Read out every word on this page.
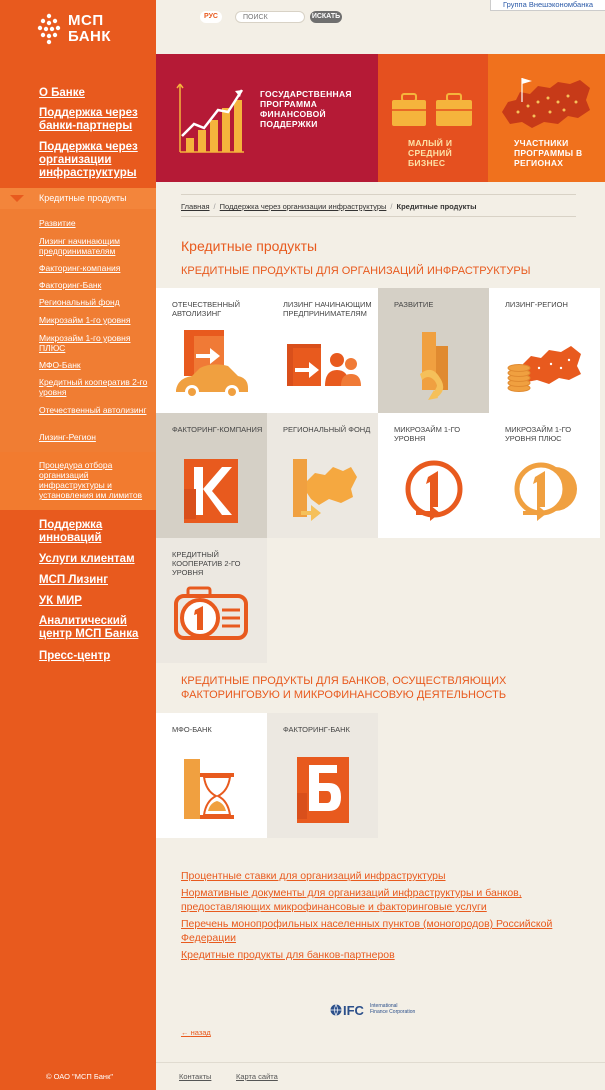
МСП
БАНК
О Банке
Поддержка через банки-партнеры
Поддержка через организации инфраструктуры
Кредитные продукты
Развитие
Лизинг начинающим предпринимателям
Факторинг-компания
Факторинг-Банк
Региональный фонд
Микрозайм 1-го уровня
Микрозайм 1-го уровня ПЛЮС
МФО-Банк
Кредитный кооператив 2-го уровня
Отечественный автолизинг
Лизинг-Регион
Процедура отбора организаций инфраструктуры и установления им лимитов
Поддержка инноваций
Услуги клиентам
МСП Лизинг
УК МИР
Аналитический центр МСП Банка
Пресс-центр
© ОАО "МСП Банк"
РУС
ПОИСК	ИСКАТЬ
Группа Внешэкономбанка
ГОСУДАРСТВЕННАЯ ПРОГРАММА ФИНАНСОВОЙ ПОДДЕРЖКИ
МАЛЫЙ И СРЕДНИЙ БИЗНЕС
УЧАСТНИКИ ПРОГРАММЫ В РЕГИОНАХ
Главная / Поддержка через организации инфраструктуры / Кредитные продукты
Кредитные продукты
КРЕДИТНЫЕ ПРОДУКТЫ ДЛЯ ОРГАНИЗАЦИЙ ИНФРАСТРУКТУРЫ
ОТЕЧЕСТВЕННЫЙ АВТОЛИЗИНГ
ЛИЗИНГ НАЧИНАЮЩИМ ПРЕДПРИНИМАТЕЛЯМ
РАЗВИТИЕ	ЛИЗИНГ-РЕГИОН
ФАКТОРИНГ-КОМПАНИЯ	РЕГИОНАЛЬНЫЙ ФОНД	МИКРОЗАЙМ 1-ГО УРОВНЯ
МИКРОЗАЙМ 1-ГО УРОВНЯ ПЛЮС
КРЕДИТНЫЙ КООПЕРАТИВ 2-ГО УРОВНЯ
КРЕДИТНЫЕ ПРОДУКТЫ ДЛЯ БАНКОВ, ОСУЩЕСТВЛЯЮЩИХ ФАКТОРИНГОВУЮ И МИКРОФИНАНСОВУЮ ДЕЯТЕЛЬНОСТЬ
МФО-БАНК	ФАКТОРИНГ-БАНК
Процентные ставки для организаций инфраструктуры
Нормативные документы для организаций инфраструктуры и банков, предоставляющих микрофинансовые и факторинговые услуги
Перечень монопрофильных населенных пунктов (моногородов) Российской Федерации
Кредитные продукты для банков-партнеров
IFC International
Finance Corporation
← назад
Контакты	Карта сайта
